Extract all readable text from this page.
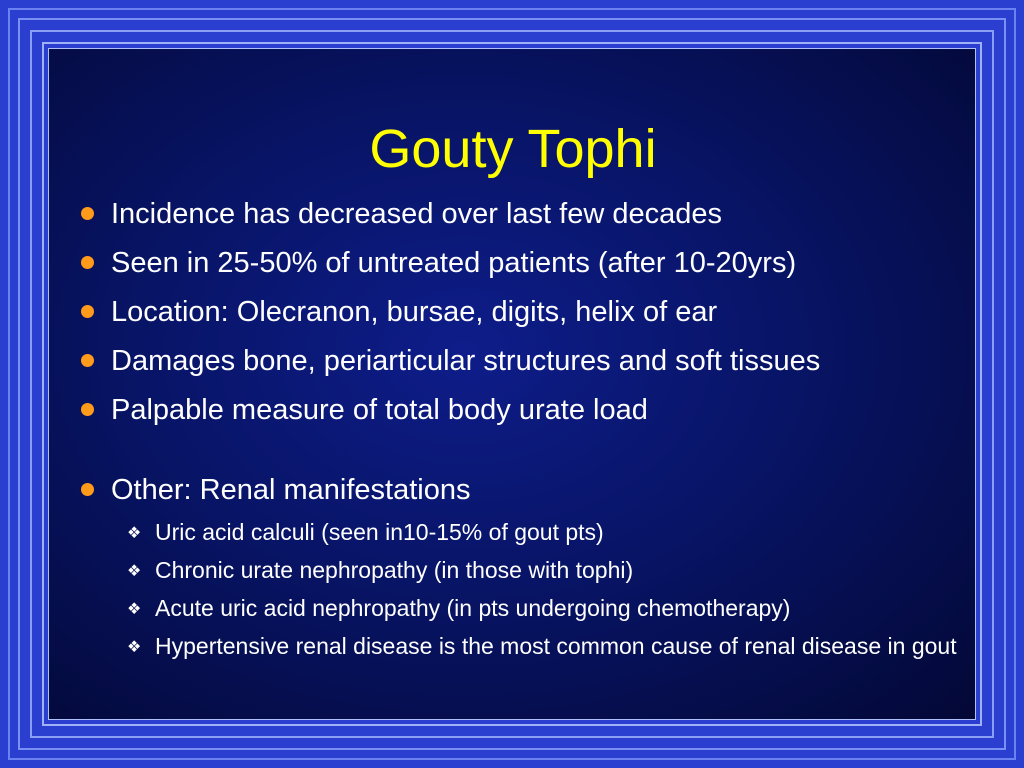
Gouty Tophi
Incidence has decreased over last few decades
Seen in 25-50% of untreated patients (after 10-20yrs)
Location: Olecranon, bursae, digits, helix of ear
Damages bone, periarticular structures and soft tissues
Palpable measure of total body urate load
Other: Renal manifestations
❖ Uric acid calculi (seen in10-15% of gout pts)
❖ Chronic urate nephropathy (in those with tophi)
❖ Acute uric acid nephropathy (in pts undergoing chemotherapy)
❖ Hypertensive renal disease is the most common cause of renal disease in gout
